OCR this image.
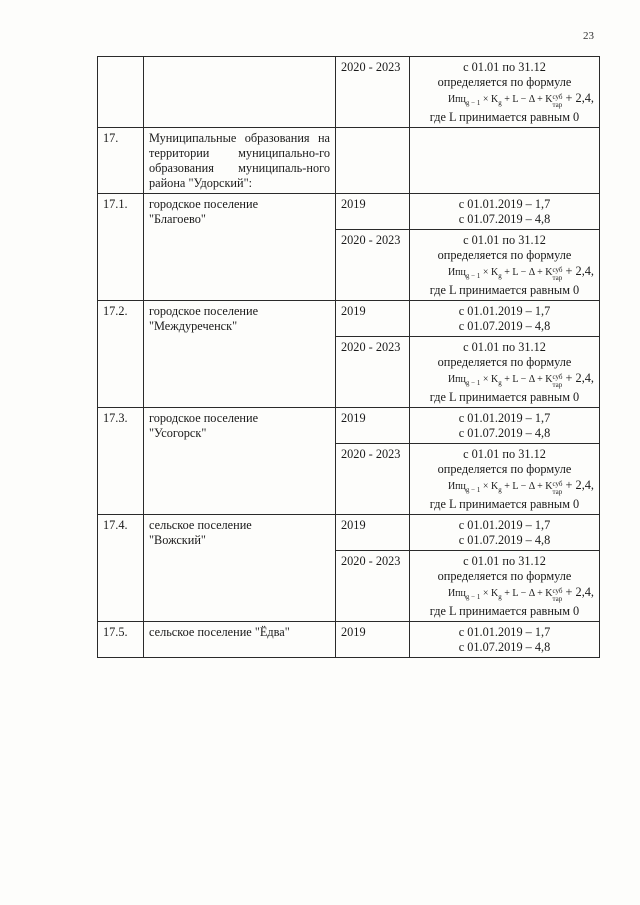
23
		2020 - 2023	с 01.01 по 31.12
определяется по формуле
$Ипц_{g - 1} \times K_g + L - \Delta$ + Kсуб
тар + 2,4,
где L принимается равным 0

17.	Муниципальные образования на территории муниципально-го образования муниципаль-ного района "Удорский":		
17.1.	городское поселение
"Благоево"	2019	с 01.01.2019 – 1,7
с 01.07.2019 – 4,8

		2020 - 2023	с 01.01 по 31.12
определяется по формуле
$Ипц_{g - 1} \times K_g + L - \Delta$ + Kсуб
тар + 2,4,
где L принимается равным 0

17.2.	городское поселение
"Междуреченск"	2019	с 01.01.2019 – 1,7
с 01.07.2019 – 4,8

		2020 - 2023	с 01.01 по 31.12
определяется по формуле
$Ипц_{g - 1} \times K_g + L - \Delta$ + Kсуб
тар + 2,4,
где L принимается равным 0

17.3.	городское поселение
"Усогорск"	2019	с 01.01.2019 – 1,7
с 01.07.2019 – 4,8

		2020 - 2023	с 01.01 по 31.12
определяется по формуле
$Ипц_{g - 1} \times K_g + L - \Delta$ + Kсуб
тар + 2,4,
где L принимается равным 0

17.4.	сельское поселение
"Вожский"	2019	с 01.01.2019 – 1,7
с 01.07.2019 – 4,8

		2020 - 2023	с 01.01 по 31.12
определяется по формуле
$Ипц_{g - 1} \times K_g + L - \Delta$ + Kсуб
тар + 2,4,
где L принимается равным 0

17.5.	сельское поселение "Ёдва"	2019	с 01.01.2019 – 1,7
с 01.07.2019 – 4,8
